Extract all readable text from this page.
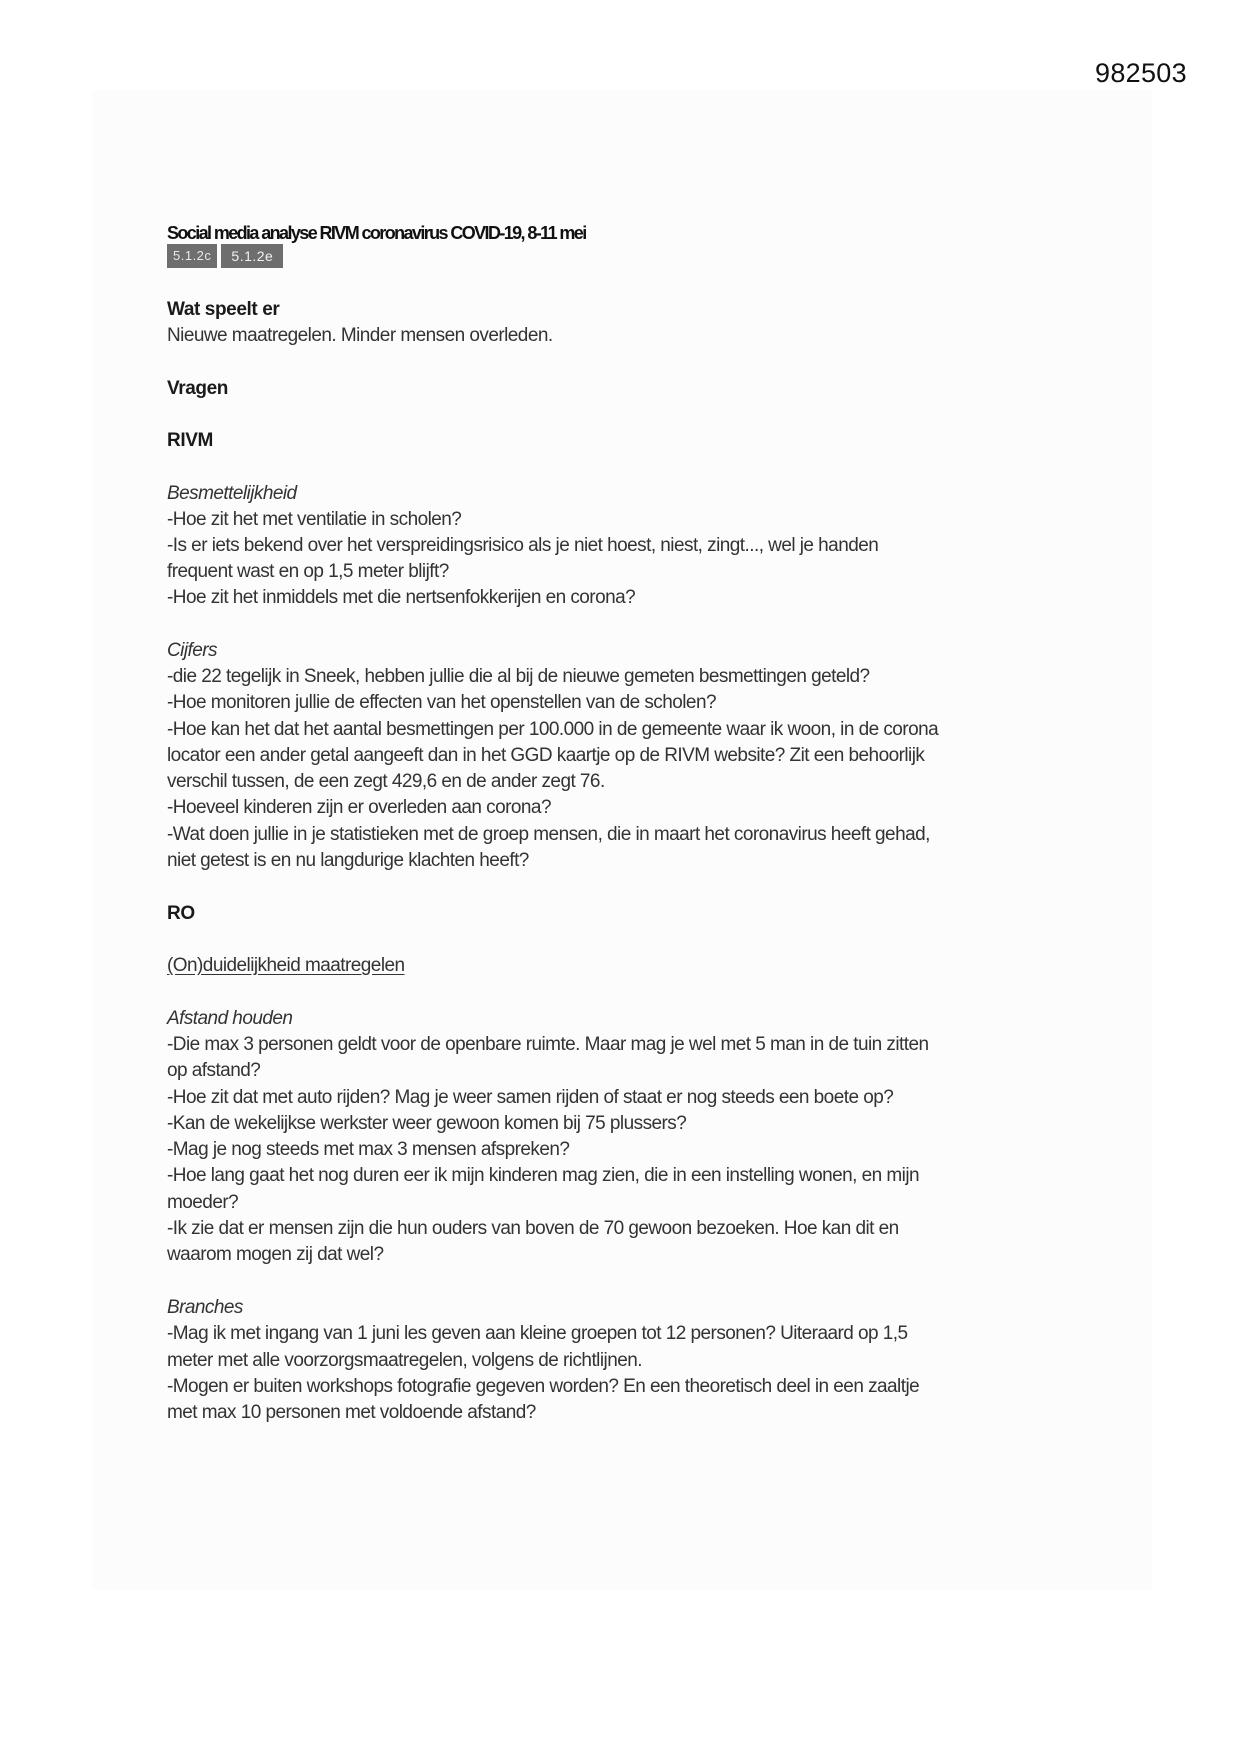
982503
Social media analyse RIVM coronavirus COVID-19, 8-11 mei
5.1.2c	5.1.2e
Wat speelt er
Nieuwe maatregelen. Minder mensen overleden.
Vragen
RIVM
Besmettelijkheid
-Hoe zit het met ventilatie in scholen?
-Is er iets bekend over het verspreidingsrisico als je niet hoest, niest, zingt..., wel je handen
frequent wast en op 1,5 meter blijft?
-Hoe zit het inmiddels met die nertsenfokkerijen en corona?
Cijfers
-die 22 tegelijk in Sneek, hebben jullie die al bij de nieuwe gemeten besmettingen geteld?
-Hoe monitoren jullie de effecten van het openstellen van de scholen?
-Hoe kan het dat het aantal besmettingen per 100.000 in de gemeente waar ik woon, in de corona
locator een ander getal aangeeft dan in het GGD kaartje op de RIVM website? Zit een behoorlijk
verschil tussen, de een zegt 429,6 en de ander zegt 76.
-Hoeveel kinderen zijn er overleden aan corona?
-Wat doen jullie in je statistieken met de groep mensen, die in maart het coronavirus heeft gehad,
niet getest is en nu langdurige klachten heeft?
RO
(On)duidelijkheid maatregelen
Afstand houden
-Die max 3 personen geldt voor de openbare ruimte. Maar mag je wel met 5 man in de tuin zitten
op afstand?
-Hoe zit dat met auto rijden? Mag je weer samen rijden of staat er nog steeds een boete op?
-Kan de wekelijkse werkster weer gewoon komen bij 75 plussers?
-Mag je nog steeds met max 3 mensen afspreken?
-Hoe lang gaat het nog duren eer ik mijn kinderen mag zien, die in een instelling wonen, en mijn
moeder?
-Ik zie dat er mensen zijn die hun ouders van boven de 70 gewoon bezoeken. Hoe kan dit en
waarom mogen zij dat wel?
Branches
-Mag ik met ingang van 1 juni les geven aan kleine groepen tot 12 personen? Uiteraard op 1,5
meter met alle voorzorgsmaatregelen, volgens de richtlijnen.
-Mogen er buiten workshops fotografie gegeven worden? En een theoretisch deel in een zaaltje
met max 10 personen met voldoende afstand?
